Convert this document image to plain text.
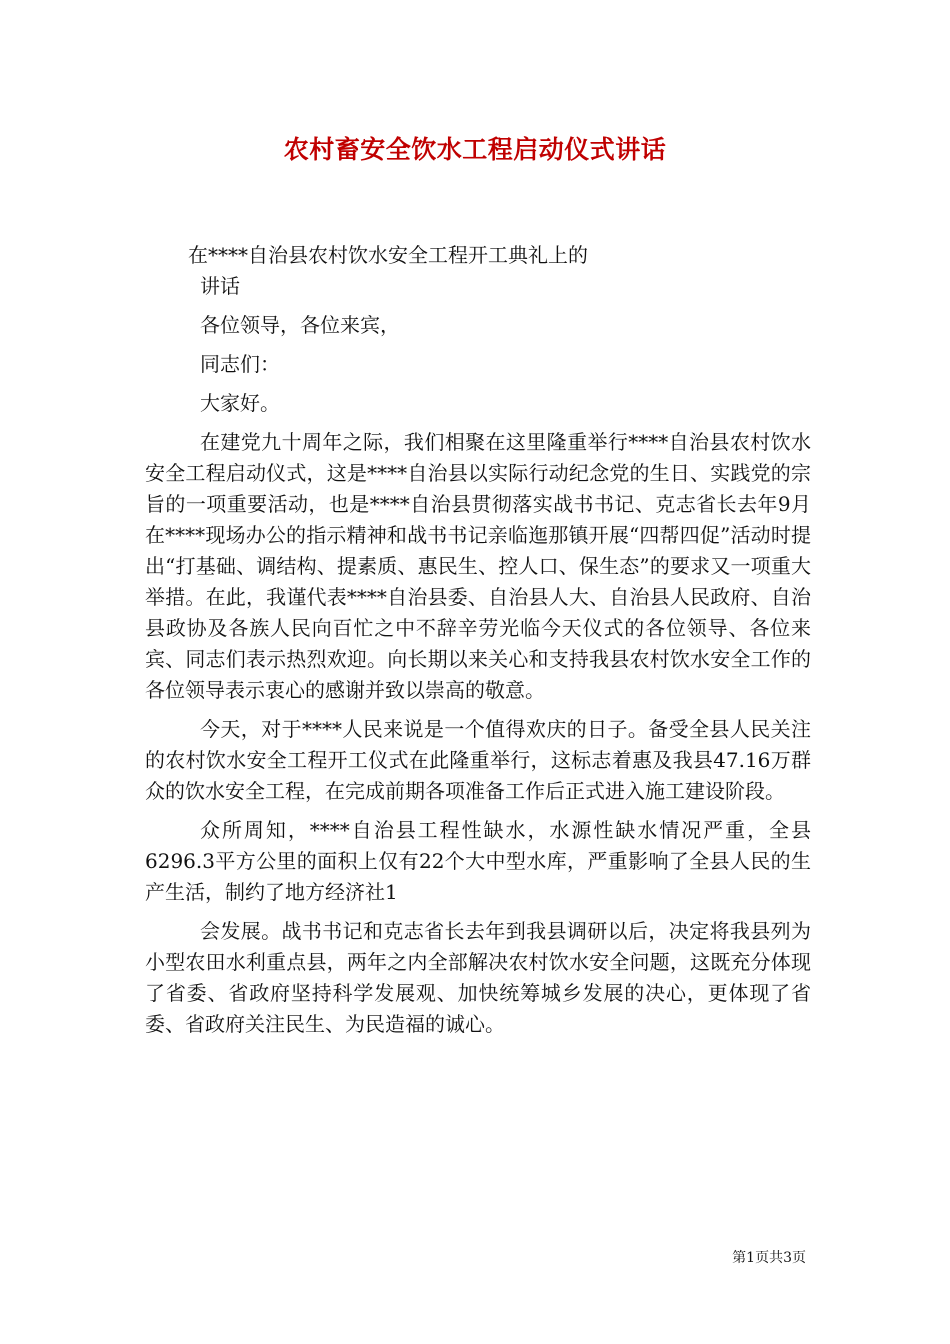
农村畜安全饮水工程启动仪式讲话
在****自治县农村饮水安全工程开工典礼上的
讲话
各位领导，各位来宾，
同志们：
大家好。

在建党九十周年之际，我们相聚在这里隆重举行****自治县农村饮水安全工程启动仪式，这是****自治县以实际行动纪念党的生日、实践党的宗旨的一项重要活动，也是****自治县贯彻落实战书书记、克志省长去年9月在****现场办公的指示精神和战书书记亲临迤那镇开展“四帮四促”活动时提出“打基础、调结构、提素质、惠民生、控人口、保生态”的要求又一项重大举措。在此，我谨代表****自治县委、自治县人大、自治县人民政府、自治县政协及各族人民向百忙之中不辞辛劳光临今天仪式的各位领导、各位来宾、同志们表示热烈欢迎。向长期以来关心和支持我县农村饮水安全工作的各位领导表示衷心的感谢并致以崇高的敬意。

今天，对于****人民来说是一个值得欢庆的日子。备受全县人民关注的农村饮水安全工程开工仪式在此隆重举行，这标志着惠及我县47.16万群众的饮水安全工程，在完成前期各项准备工作后正式进入施工建设阶段。

众所周知，****自治县工程性缺水，水源性缺水情况严重，全县6296.3平方公里的面积上仅有22个大中型水库，严重影响了全县人民的生产生活，制约了地方经济社1

会发展。战书书记和克志省长去年到我县调研以后，决定将我县列为小型农田水利重点县，两年之内全部解决农村饮水安全问题，这既充分体现了省委、省政府坚持科学发展观、加快统筹城乡发展的决心，更体现了省委、省政府关注民生、为民造福的诚心。

第1页共3页
